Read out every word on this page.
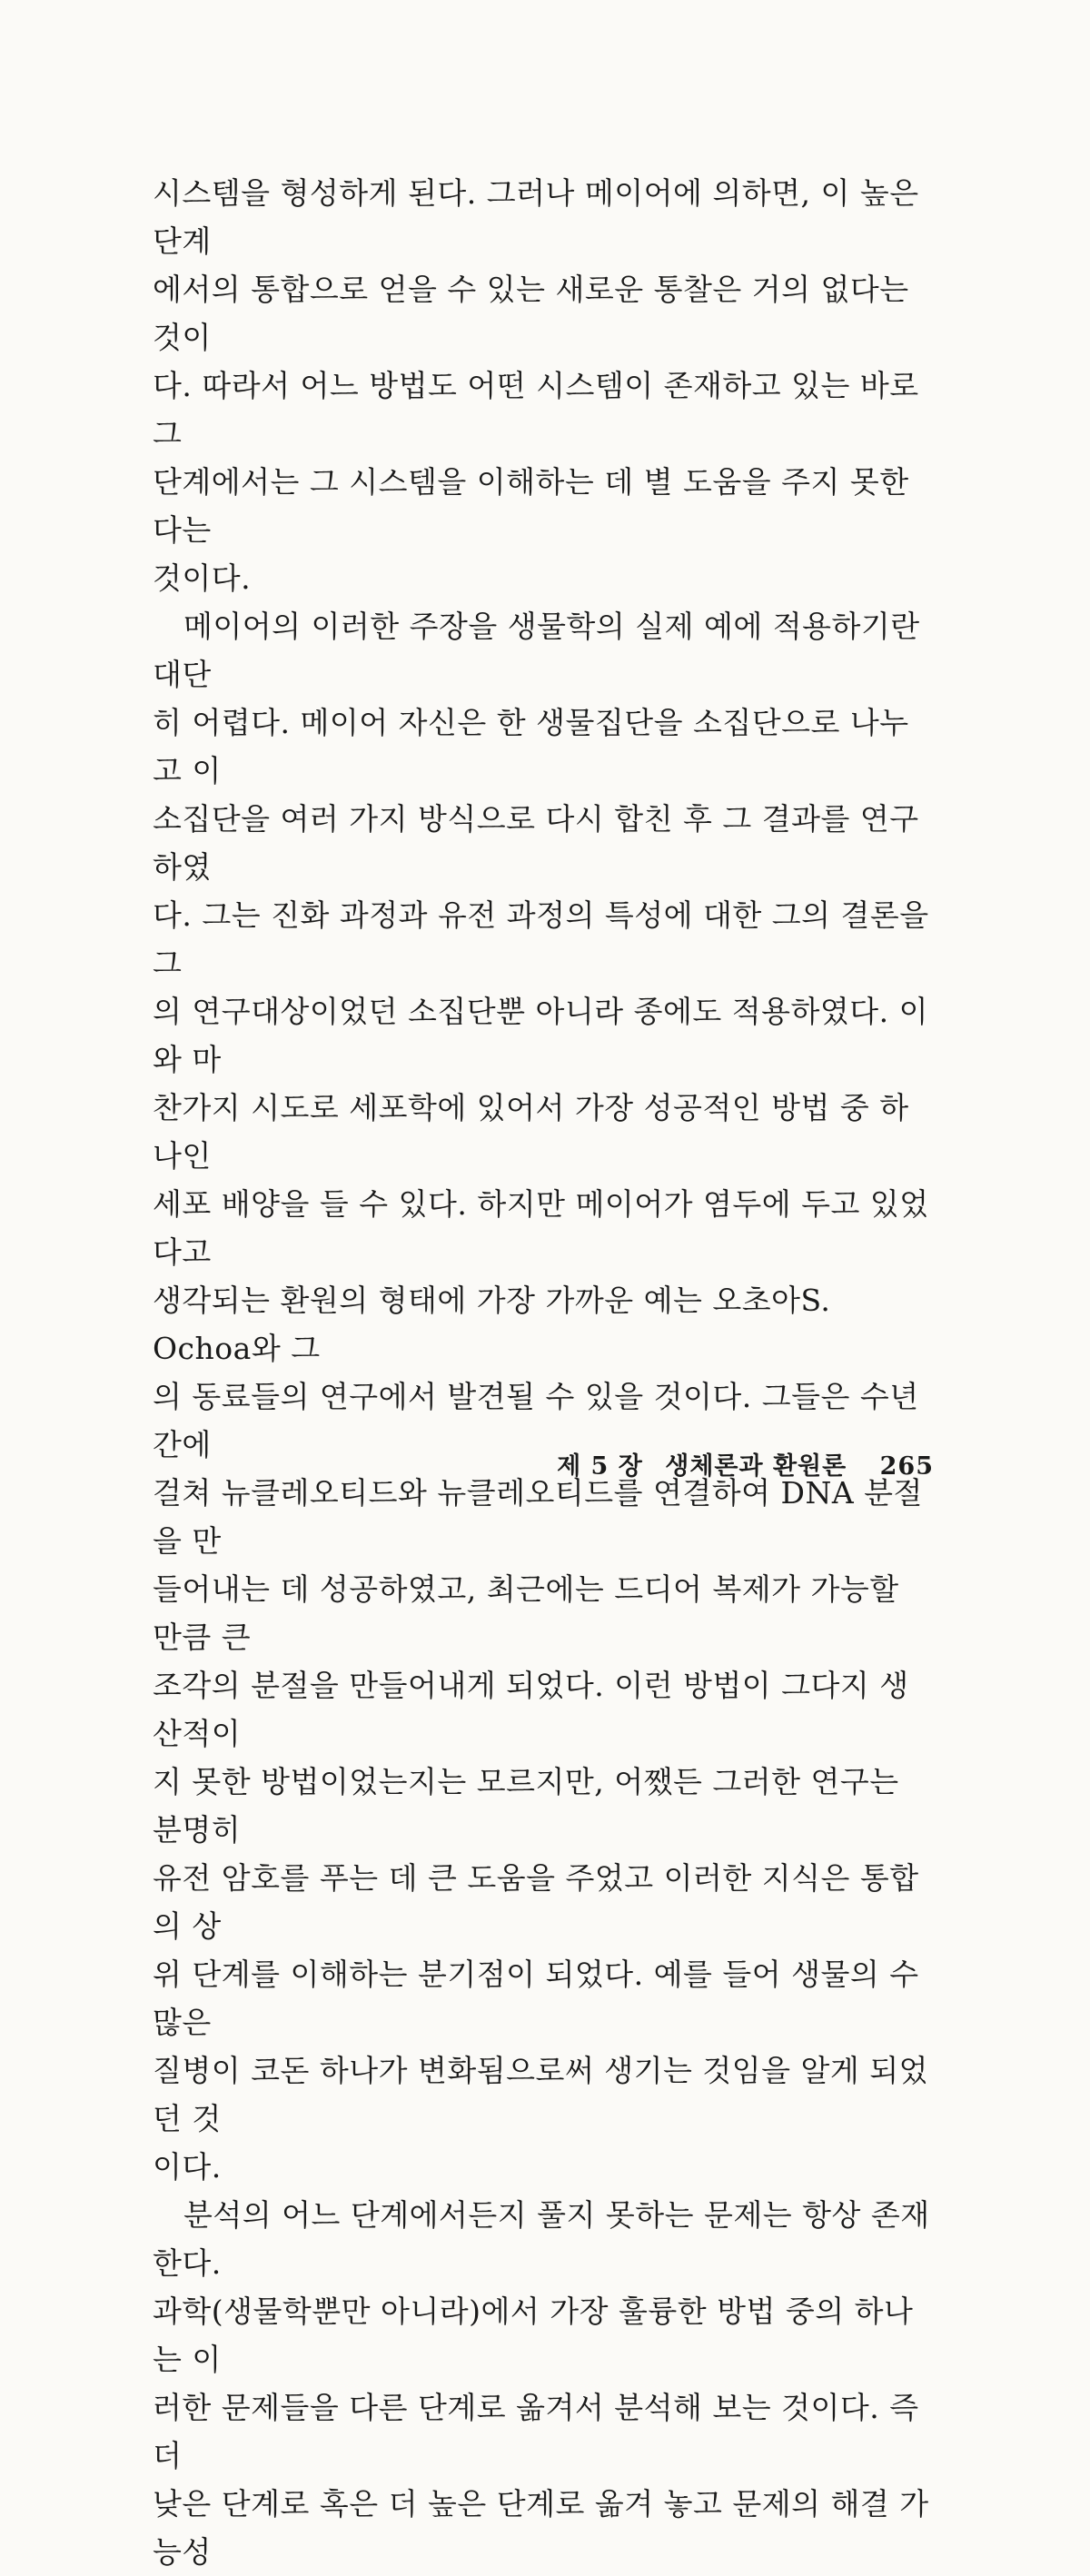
시스템을 형성하게 된다. 그러나 메이어에 의하면, 이 높은 단계
에서의 통합으로 얻을 수 있는 새로운 통찰은 거의 없다는 것이
다. 따라서 어느 방법도 어떤 시스템이 존재하고 있는 바로 그
단계에서는 그 시스템을 이해하는 데 별 도움을 주지 못한다는
것이다.
메이어의 이러한 주장을 생물학의 실제 예에 적용하기란 대단
히 어렵다. 메이어 자신은 한 생물집단을 소집단으로 나누고 이
소집단을 여러 가지 방식으로 다시 합친 후 그 결과를 연구하였
다. 그는 진화 과정과 유전 과정의 특성에 대한 그의 결론을 그
의 연구대상이었던 소집단뿐 아니라 종에도 적용하였다. 이와 마
찬가지 시도로 세포학에 있어서 가장 성공적인 방법 중 하나인
세포 배양을 들 수 있다. 하지만 메이어가 염두에 두고 있었다고
생각되는 환원의 형태에 가장 가까운 예는 오초아S. Ochoa와 그
의 동료들의 연구에서 발견될 수 있을 것이다. 그들은 수년 간에
걸쳐 뉴클레오티드와 뉴클레오티드를 연결하여 DNA 분절을 만
들어내는 데 성공하였고, 최근에는 드디어 복제가 가능할 만큼 큰
조각의 분절을 만들어내게 되었다. 이런 방법이 그다지 생산적이
지 못한 방법이었는지는 모르지만, 어쨌든 그러한 연구는 분명히
유전 암호를 푸는 데 큰 도움을 주었고 이러한 지식은 통합의 상
위 단계를 이해하는 분기점이 되었다. 예를 들어 생물의 수많은
질병이 코돈 하나가 변화됨으로써 생기는 것임을 알게 되었던 것
이다.
분석의 어느 단계에서든지 풀지 못하는 문제는 항상 존재한다.
과학(생물학뿐만 아니라)에서 가장 훌륭한 방법 중의 하나는 이
러한 문제들을 다른 단계로 옮겨서 분석해 보는 것이다. 즉 더
낮은 단계로 혹은 더 높은 단계로 옮겨 놓고 문제의 해결 가능성
제 5 장 생체론과 환원론 265
